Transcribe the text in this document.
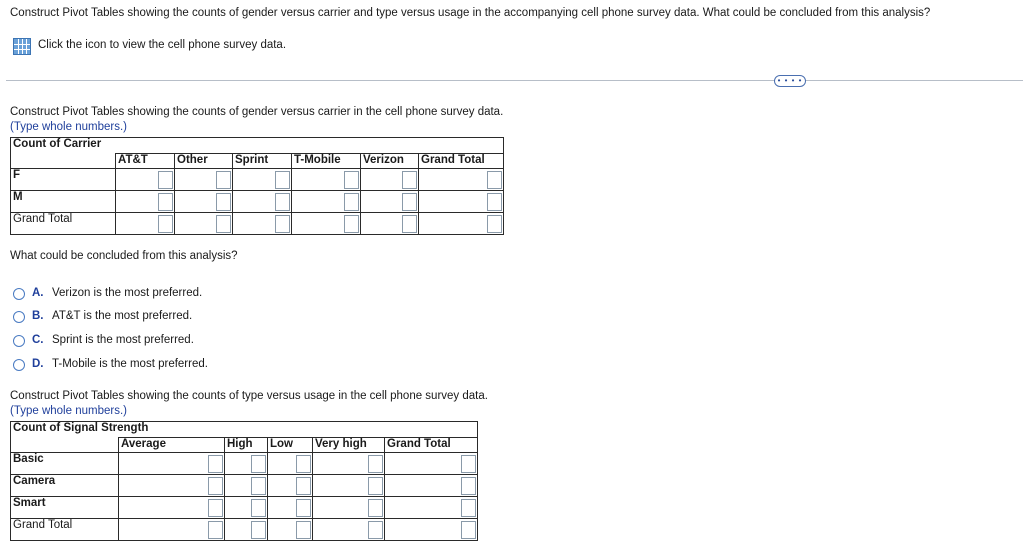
Construct Pivot Tables showing the counts of gender versus carrier and type versus usage in the accompanying cell phone survey data. What could be concluded from this analysis?
Click the icon to view the cell phone survey data.
• • • •
Construct Pivot Tables showing the counts of gender versus carrier in the cell phone survey data.
(Type whole numbers.)
Count of Carrier						
	AT&T	Other	Sprint	T-Mobile	Verizon	Grand Total
F						
M						
Grand Total						
What could be concluded from this analysis?
A. Verizon is the most preferred.
B. AT&T is the most preferred.
C. Sprint is the most preferred.
D. T-Mobile is the most preferred.
Construct Pivot Tables showing the counts of type versus usage in the cell phone survey data.
(Type whole numbers.)
Count of Signal Strength					
	Average	High	Low	Very high	Grand Total
Basic					
Camera					
Smart					
Grand Total					
